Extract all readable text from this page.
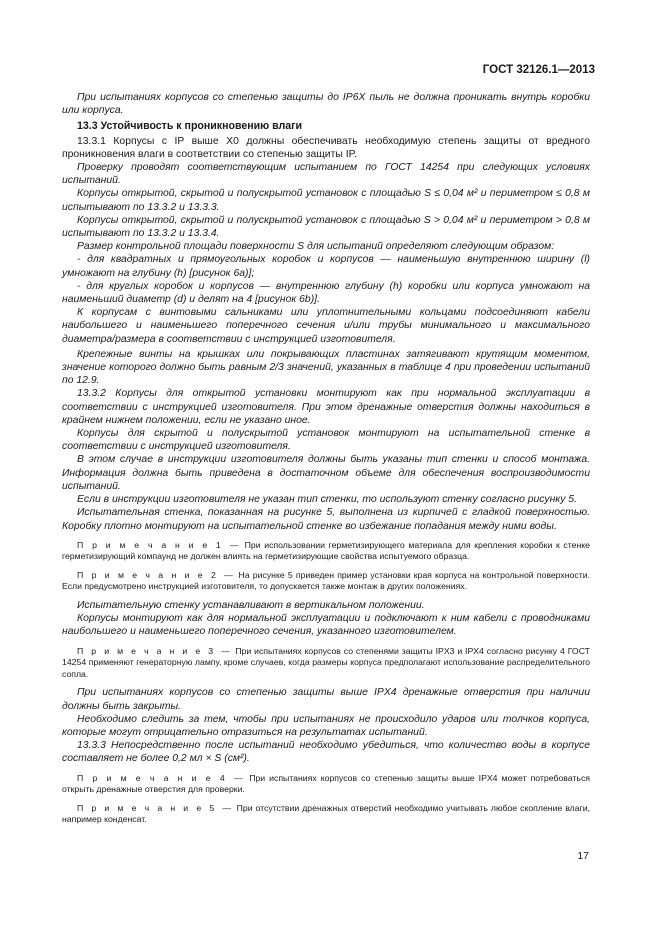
ГОСТ 32126.1—2013

При испытаниях корпусов со степенью защиты до IP6X пыль не должна проникать внутрь коробки или корпуса.

13.3 Устойчивость к проникновению влаги

13.3.1 Корпусы с IP выше X0 должны обеспечивать необходимую степень защиты от вредного проникновения влаги в соответствии со степенью защиты IP.

Проверку проводят соответствующим испытанием по ГОСТ 14254 при следующих условиях испытаний.

Корпусы открытой, скрытой и полускрытой установок с площадью S ≤ 0,04 м² и периметром ≤ 0,8 м испытывают по 13.3.2 и 13.3.3.

Корпусы открытой, скрытой и полускрытой установок с площадью S > 0,04 м² и периметром > 0,8 м испытывают по 13.3.2 и 13.3.4.

Размер контрольной площади поверхности S для испытаний определяют следующим образом:

- для квадратных и прямоугольных коробок и корпусов — наименьшую внутреннюю ширину (l) умножают на глубину (h) [рисунок 6a)];

- для круглых коробок и корпусов — внутреннюю глубину (h) коробки или корпуса умножают на наименьший диаметр (d) и делят на 4 [рисунок 6b)].

К корпусам с винтовыми сальниками или уплотнительными кольцами подсоединяют кабели наибольшего и наименьшего поперечного сечения и/или трубы минимального и максимального диаметра/размера в соответствии с инструкцией изготовителя.

Крепежные винты на крышках или покрывающих пластинах затягивают крутящим моментом, значение которого должно быть равным 2/3 значений, указанных в таблице 4 при проведении испытаний по 12.9.

13.3.2 Корпусы для открытой установки монтируют как при нормальной эксплуатации в соответствии с инструкцией изготовителя. При этом дренажные отверстия должны находиться в крайнем нижнем положении, если не указано иное.

Корпусы для скрытой и полускрытой установок монтируют на испытательной стенке в соответствии с инструкцией изготовителя.

В этом случае в инструкции изготовителя должны быть указаны тип стенки и способ монтажа. Информация должна быть приведена в достаточном объеме для обеспечения воспроизводимости испытаний.

Если в инструкции изготовителя не указан тип стенки, то используют стенку согласно рисунку 5.

Испытательная стенка, показанная на рисунке 5, выполнена из кирпичей с гладкой поверхностью. Коробку плотно монтируют на испытательной стенке во избежание попадания между ними воды.

П р и м е ч а н и е 1 — При использовании герметизирующего материала для крепления коробки к стенке герметизирующий компаунд не должен влиять на герметизирующие свойства испытуемого образца.

П р и м е ч а н и е 2 — На рисунке 5 приведен пример установки края корпуса на контрольной поверхности. Если предусмотрено инструкцией изготовителя, то допускается также монтаж в других положениях.

Испытательную стенку устанавливают в вертикальном положении.

Корпусы монтируют как для нормальной эксплуатации и подключают к ним кабели с проводниками наибольшего и наименьшего поперечного сечения, указанного изготовителем.

П р и м е ч а н и е 3 — При испытаниях корпусов со степенями защиты IPX3 и IPX4 согласно рисунку 4 ГОСТ 14254 применяют генераторную лампу, кроме случаев, когда размеры корпуса предполагают использование распределительного сопла.

При испытаниях корпусов со степенью защиты выше IPX4 дренажные отверстия при наличии должны быть закрыты.

Необходимо следить за тем, чтобы при испытаниях не происходило ударов или толчков корпуса, которые могут отрицательно отразиться на результатах испытаний.

13.3.3 Непосредственно после испытаний необходимо убедиться, что количество воды в корпусе составляет не более 0,2 мл × S (см²).

П р и м е ч а н и е 4 — При испытаниях корпусов со степенью защиты выше IPX4 может потребоваться открыть дренажные отверстия для проверки.

П р и м е ч а н и е 5 — При отсутствии дренажных отверстий необходимо учитывать любое скопление влаги, например конденсат.

17
